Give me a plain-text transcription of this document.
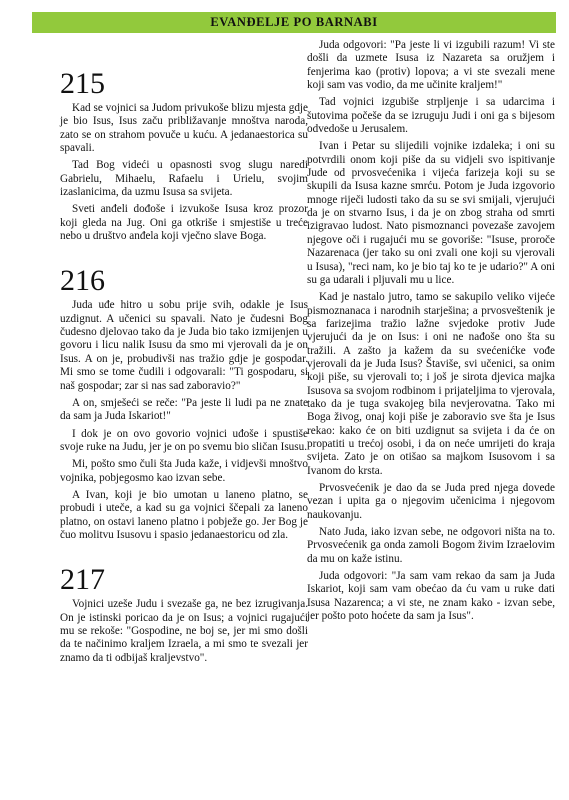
EVANĐELJE PO BARNABI
215

Kad se vojnici sa Judom privukoše blizu mjesta gdje je bio Isus, Isus začu približavanje mnoštva naroda, zato se on strahom povuče u kuću. A jedanaestorica su spavali.

Tad Bog videći u opasnosti svog slugu naredi Gabrielu, Mihaelu, Rafaelu i Urielu, svojim izaslanicima, da uzmu Isusa sa svijeta.

Sveti anđeli dođoše i izvukoše Isusa kroz prozor koji gleda na Jug. Oni ga otkriše i smjestiše u treće nebo u društvo anđela koji vječno slave Boga.

216

Juda uđe hitro u sobu prije svih, odakle je Isus uzdignut. A učenici su spavali. Nato je čudesni Bog čudesno djelovao tako da je Juda bio tako izmijenjen u govoru i licu nalik Isusu da smo mi vjerovali da je on Isus. A on je, probudivši nas tražio gdje je gospodar. Mi smo se tome čudili i odgovarali: "Ti gospodaru, si naš gospodar; zar si nas sad zaboravio?"

A on, smješeći se reče: "Pa jeste li ludi pa ne znate da sam ja Juda Iskariot!"

I dok je on ovo govorio vojnici uđoše i spustiše svoje ruke na Judu, jer je on po svemu bio sličan Isusu.

Mi, pošto smo čuli šta Juda kaže, i vidjevši mnoštvo vojnika, pobjegosmo kao izvan sebe.

A Ivan, koji je bio umotan u laneno platno, se probudi i uteče, a kad su ga vojnici ščepali za laneno platno, on ostavi laneno platno i pobježe go. Jer Bog je čuo molitvu Isusovu i spasio jedanaestoricu od zla.

217

Vojnici uzeše Judu i svezaše ga, ne bez izrugivanja. On je istinski poricao da je on Isus; a vojnici rugajući mu se rekoše: "Gospodine, ne boj se, jer mi smo došli da te načinimo kraljem Izraela, a mi smo te svezali jer znamo da ti odbijaš kraljevstvo".

Juda odgovori: "Pa jeste li vi izgubili razum! Vi ste došli da uzmete Isusa iz Nazareta sa oružjem i fenjerima kao (protiv) lopova; a vi ste svezali mene koji sam vas vodio, da me učinite kraljem!"

Tad vojnici izgubiše strpljenje i sa udarcima i šutovima počeše da se izruguju Judi i oni ga s bijesom odvedoše u Jerusalem.

Ivan i Petar su slijedili vojnike izdaleka; i oni su potvrdili onom koji piše da su vidjeli svo ispitivanje Jude od prvosvećenika i vijeća farizeja koji su se skupili da Isusa kazne smrću. Potom je Juda izgovorio mnoge riječi ludosti tako da su se svi smijali, vjerujući da je on stvarno Isus, i da je on zbog straha od smrti izigravao ludost. Nato pismoznanci povezaše zavojem njegove oči i rugajući mu se govoriše: "Isuse, proroče Nazarenaca (jer tako su oni zvali one koji su vjerovali u Isusa), "reci nam, ko je bio taj ko te je udario?" A oni su ga udarali i pljuvali mu u lice.

Kad je nastalo jutro, tamo se sakupilo veliko vijeće pismoznanaca i narodnih starješina; a prvosveštenik je sa farizejima tražio lažne svjedoke protiv Jude vjerujući da je on Isus: i oni ne nađoše ono šta su tražili. A zašto ja kažem da su svećenićke vođe vjerovali da je Juda Isus? Štaviše, svi učenici, sa onim koji piše, su vjerovali to; i još je sirota djevica majka Isusova sa svojom rodbinom i prijateljima to vjerovala, tako da je tuga svakojeg bila nevjerovatna. Tako mi Boga živog, onaj koji piše je zaboravio sve šta je Isus rekao: kako će on biti uzdignut sa svijeta i da će on propatiti u trećoj osobi, i da on neće umrijeti do kraja svijeta. Zato je on otišao sa majkom Isusovom i sa Ivanom do krsta.

Prvosvećenik je dao da se Juda pred njega dovede vezan i upita ga o njegovim učenicima i njegovom naukovanju.

Nato Juda, iako izvan sebe, ne odgovori ništa na to. Prvosvećenik ga onda zamoli Bogom živim Izraelovim da mu on kaže istinu.

Juda odgovori: "Ja sam vam rekao da sam ja Juda Iskariot, koji sam vam obećao da ću vam u ruke dati Isusa Nazarenca; a vi ste, ne znam kako - izvan sebe, jer pošto poto hoćete da sam ja Isus".
